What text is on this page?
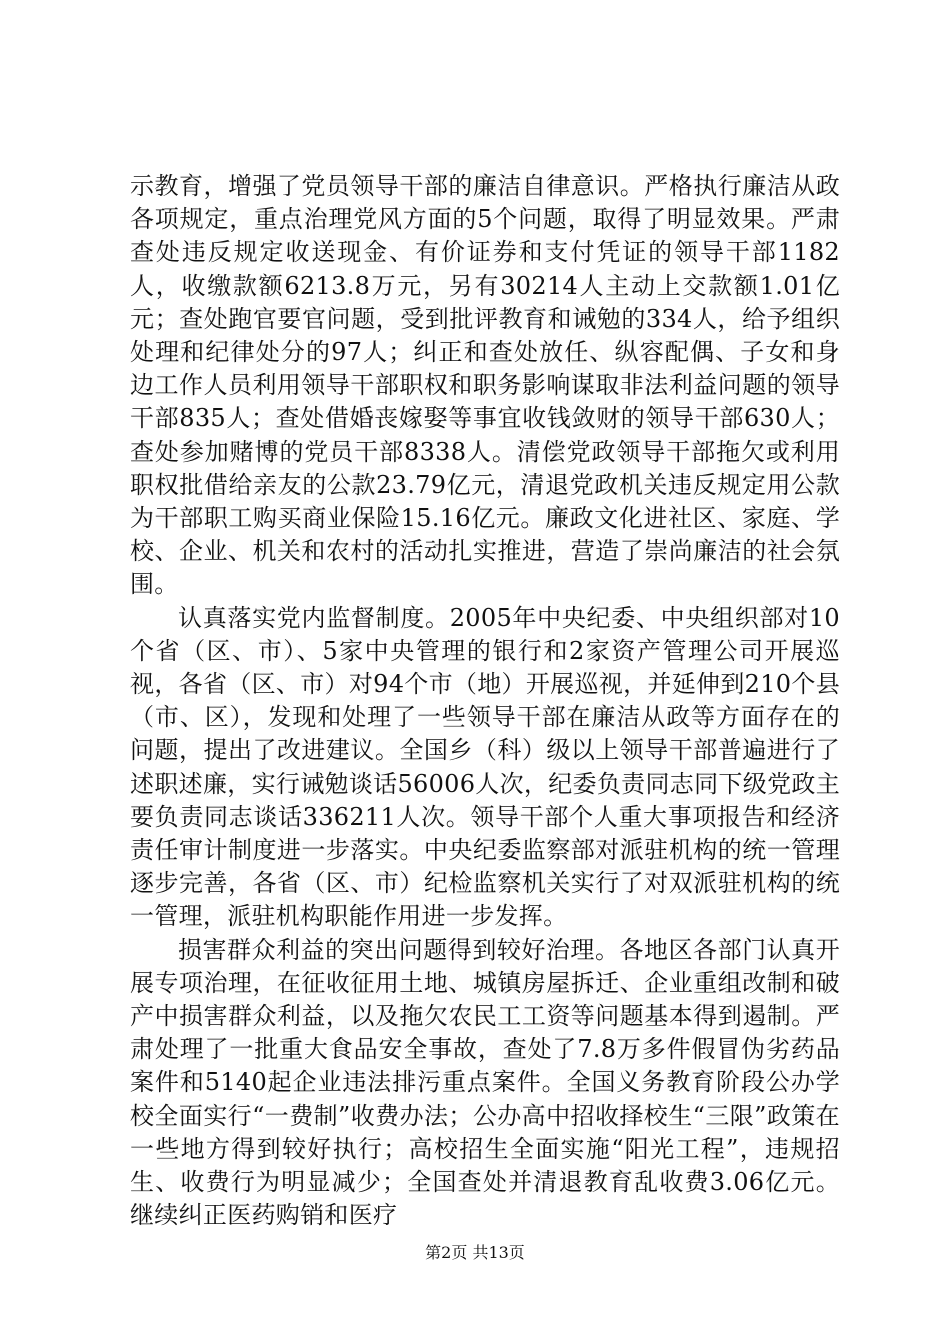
示教育，增强了党员领导干部的廉洁自律意识。严格执行廉洁从政各项规定，重点治理党风方面的5个问题，取得了明显效果。严肃查处违反规定收送现金、有价证券和支付凭证的领导干部1182人，收缴款额6213.8万元，另有30214人主动上交款额1.01亿元；查处跑官要官问题，受到批评教育和诫勉的334人，给予组织处理和纪律处分的97人；纠正和查处放任、纵容配偶、子女和身边工作人员利用领导干部职权和职务影响谋取非法利益问题的领导干部835人；查处借婚丧嫁娶等事宜收钱敛财的领导干部630人；查处参加赌博的党员干部8338人。清偿党政领导干部拖欠或利用职权批借给亲友的公款23.79亿元，清退党政机关违反规定用公款为干部职工购买商业保险15.16亿元。廉政文化进社区、家庭、学校、企业、机关和农村的活动扎实推进，营造了崇尚廉洁的社会氛围。

认真落实党内监督制度。2005年中央纪委、中央组织部对10个省（区、市）、5家中央管理的银行和2家资产管理公司开展巡视，各省（区、市）对94个市（地）开展巡视，并延伸到210个县（市、区），发现和处理了一些领导干部在廉洁从政等方面存在的问题，提出了改进建议。全国乡（科）级以上领导干部普遍进行了述职述廉，实行诫勉谈话56006人次，纪委负责同志同下级党政主要负责同志谈话336211人次。领导干部个人重大事项报告和经济责任审计制度进一步落实。中央纪委监察部对派驻机构的统一管理逐步完善，各省（区、市）纪检监察机关实行了对双派驻机构的统一管理，派驻机构职能作用进一步发挥。

损害群众利益的突出问题得到较好治理。各地区各部门认真开展专项治理，在征收征用土地、城镇房屋拆迁、企业重组改制和破产中损害群众利益，以及拖欠农民工工资等问题基本得到遏制。严肃处理了一批重大食品安全事故，查处了7.8万多件假冒伪劣药品案件和5140起企业违法排污重点案件。全国义务教育阶段公办学校全面实行“一费制”收费办法；公办高中招收择校生“三限”政策在一些地方得到较好执行；高校招生全面实施“阳光工程”，违规招生、收费行为明显减少；全国查处并清退教育乱收费3.06亿元。继续纠正医药购销和医疗

第2页 共13页
